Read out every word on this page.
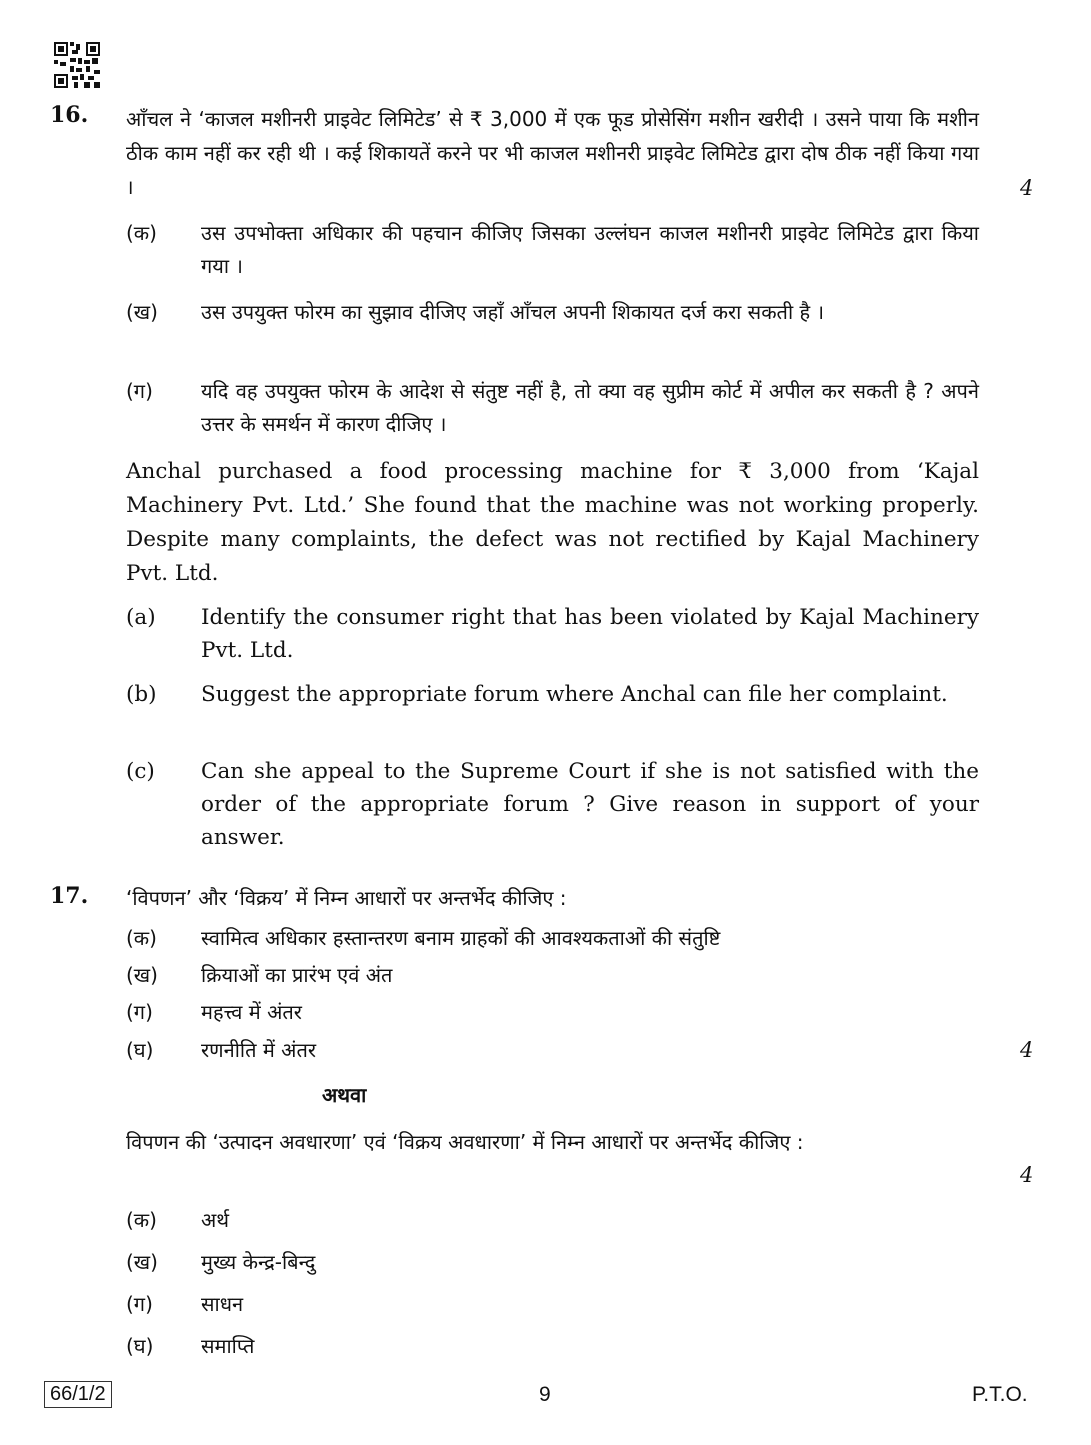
16. आँचल ने ‘काजल मशीनरी प्राइवेट लिमिटेड’ से ₹ 3,000 में एक फूड प्रोसेसिंग मशीन खरीदी । उसने पाया कि मशीन ठीक काम नहीं कर रही थी । कई शिकायतें करने पर भी काजल मशीनरी प्राइवेट लिमिटेड द्वारा दोष ठीक नहीं किया गया ।	4
(क) उस उपभोक्ता अधिकार की पहचान कीजिए जिसका उल्लंघन काजल मशीनरी प्राइवेट लिमिटेड द्वारा किया गया ।
(ख) उस उपयुक्त फोरम का सुझाव दीजिए जहाँ आँचल अपनी शिकायत दर्ज करा सकती है ।
(ग) यदि वह उपयुक्त फोरम के आदेश से संतुष्ट नहीं है, तो क्या वह सुप्रीम कोर्ट में अपील कर सकती है ? अपने उत्तर के समर्थन में कारण दीजिए ।
Anchal purchased a food processing machine for ₹ 3,000 from ‘Kajal Machinery Pvt. Ltd.’ She found that the machine was not working properly. Despite many complaints, the defect was not rectified by Kajal Machinery Pvt. Ltd.
(a) Identify the consumer right that has been violated by Kajal Machinery Pvt. Ltd.
(b) Suggest the appropriate forum where Anchal can file her complaint.
(c) Can she appeal to the Supreme Court if she is not satisfied with the order of the appropriate forum ? Give reason in support of your answer.
17. ‘विपणन’ और ‘विक्रय’ में निम्न आधारों पर अन्तर्भेद कीजिए :
(क) स्वामित्व अधिकार हस्तान्तरण बनाम ग्राहकों की आवश्यकताओं की संतुष्टि
(ख) क्रियाओं का प्रारंभ एवं अंत
(ग) महत्त्व में अंतर
(घ) रणनीति में अंतर	4
अथवा
विपणन की ‘उत्पादन अवधारणा’ एवं ‘विक्रय अवधारणा’ में निम्न आधारों पर अन्तर्भेद कीजिए :
4
(क) अर्थ
(ख) मुख्य केन्द्र-बिन्दु
(ग) साधन
(घ) समाप्ति
66/1/2	9	P.T.O.
